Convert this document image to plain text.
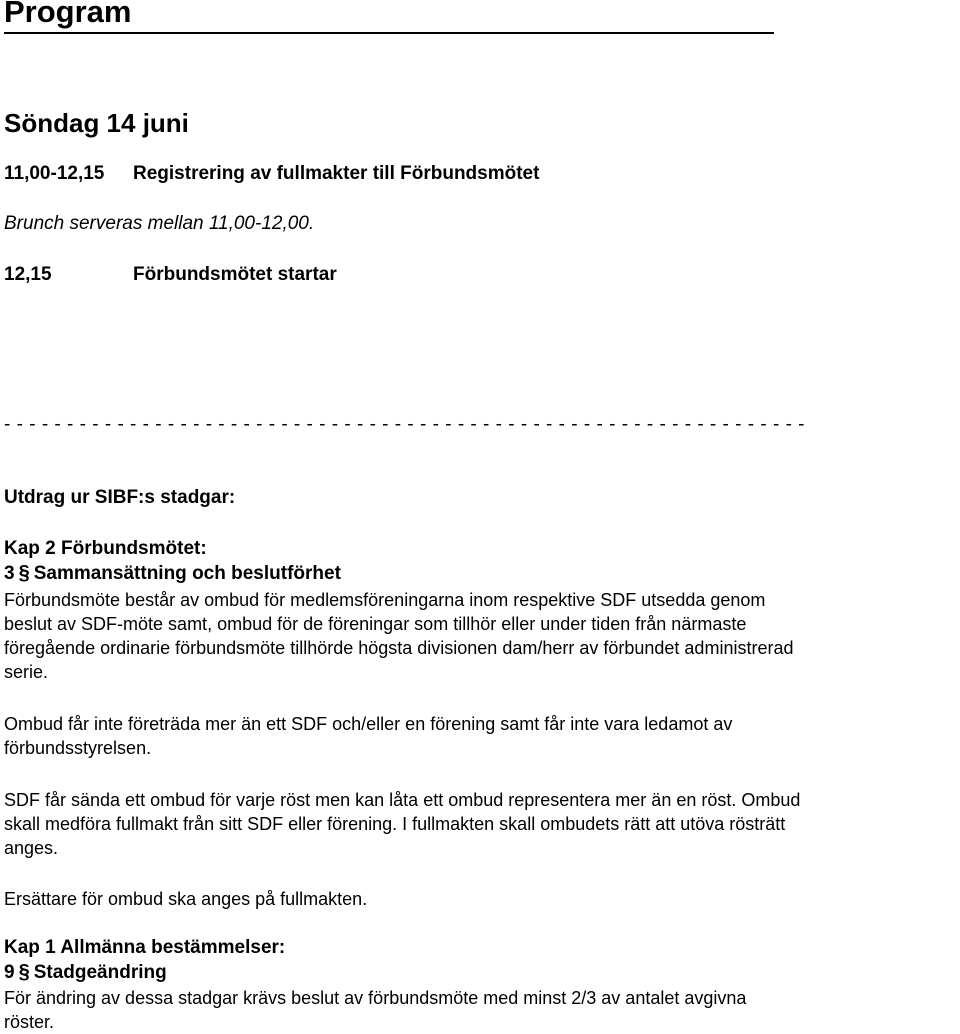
Program
Söndag 14 juni
11,00-12,15 Registrering av fullmakter till Förbundsmötet
Brunch serveras mellan 11,00-12,00.
12,15	Förbundsmötet startar
- - - - - - - - - - - - - - - - - - - - - - - - - - - - - - - - - - - - - - - - - - - - - - - - - - - - - - - - - - - - - - - -
Utdrag ur SIBF:s stadgar:
Kap 2 Förbundsmötet:
3 § Sammansättning och beslutförhet
Förbundsmöte består av ombud för medlemsföreningarna inom respektive SDF utsedda genom
beslut av SDF-möte samt, ombud för de föreningar som tillhör eller under tiden från närmaste
föregående ordinarie förbundsmöte tillhörde högsta divisionen dam/herr av förbundet administrerad
serie.
Ombud får inte företräda mer än ett SDF och/eller en förening samt får inte vara ledamot av
förbundsstyrelsen.
SDF får sända ett ombud för varje röst men kan låta ett ombud representera mer än en röst. Ombud
skall medföra fullmakt från sitt SDF eller förening. I fullmakten skall ombudets rätt att utöva rösträtt
anges.
Ersättare för ombud ska anges på fullmakten.
Kap 1 Allmänna bestämmelser:
9 § Stadgeändring
För ändring av dessa stadgar krävs beslut av förbundsmöte med minst 2/3 av antalet avgivna
röster.
